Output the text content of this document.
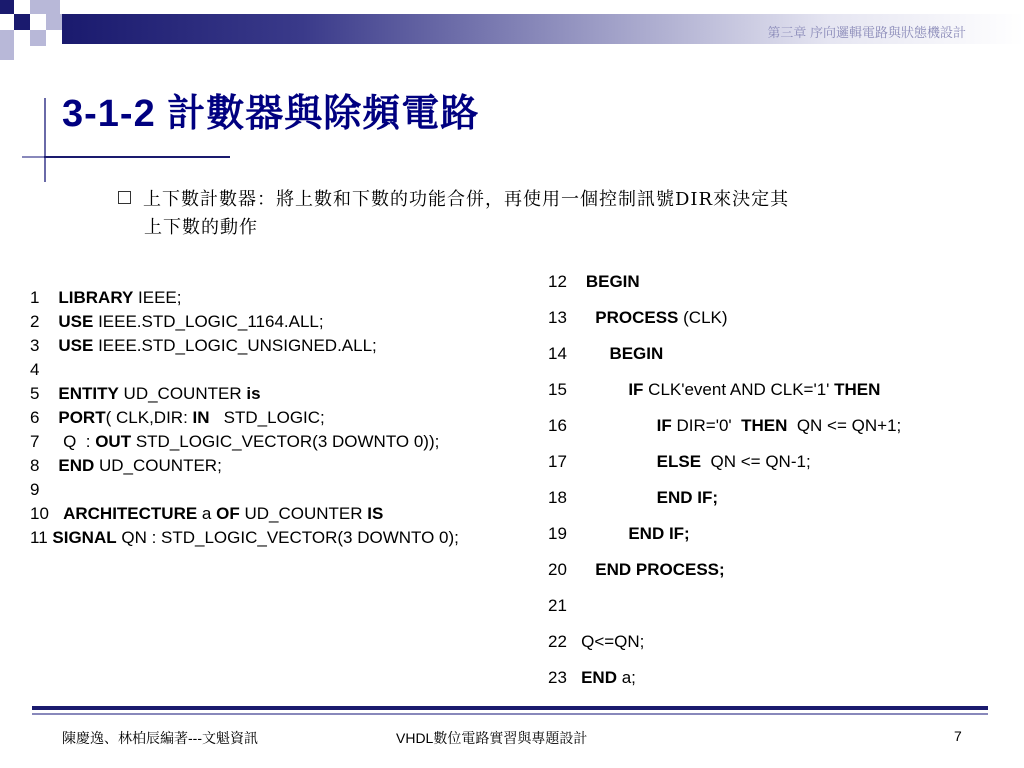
第三章 序向邏輯電路與狀態機設計
3-1-2 計數器與除頻電路
上下數計數器：將上數和下數的功能合併，再使用一個控制訊號DIR來決定其
上下數的動作
1 LIBRARY IEEE;
2 USE IEEE.STD_LOGIC_1164.ALL;
3 USE IEEE.STD_LOGIC_UNSIGNED.ALL;
4
5 ENTITY UD_COUNTER is
6 PORT( CLK,DIR: IN   STD_LOGIC;
7     Q  : OUT STD_LOGIC_VECTOR(3 DOWNTO 0));
8 END UD_COUNTER;
9
10 ARCHITECTURE a OF UD_COUNTER IS
11 SIGNAL QN : STD_LOGIC_VECTOR(3 DOWNTO 0);
12 BEGIN
13 PROCESS (CLK)
14	BEGIN
15	IF CLK'event AND CLK='1' THEN
16	IF DIR='0'  THEN  QN <= QN+1;
17	ELSE  QN <= QN-1;
18	END IF;
19	END IF;
20 END PROCESS;
21
22 Q<=QN;
23 END a;
陳慶逸、林柏辰編著---文魁資訊	VHDL數位電路實習與專題設計	7
